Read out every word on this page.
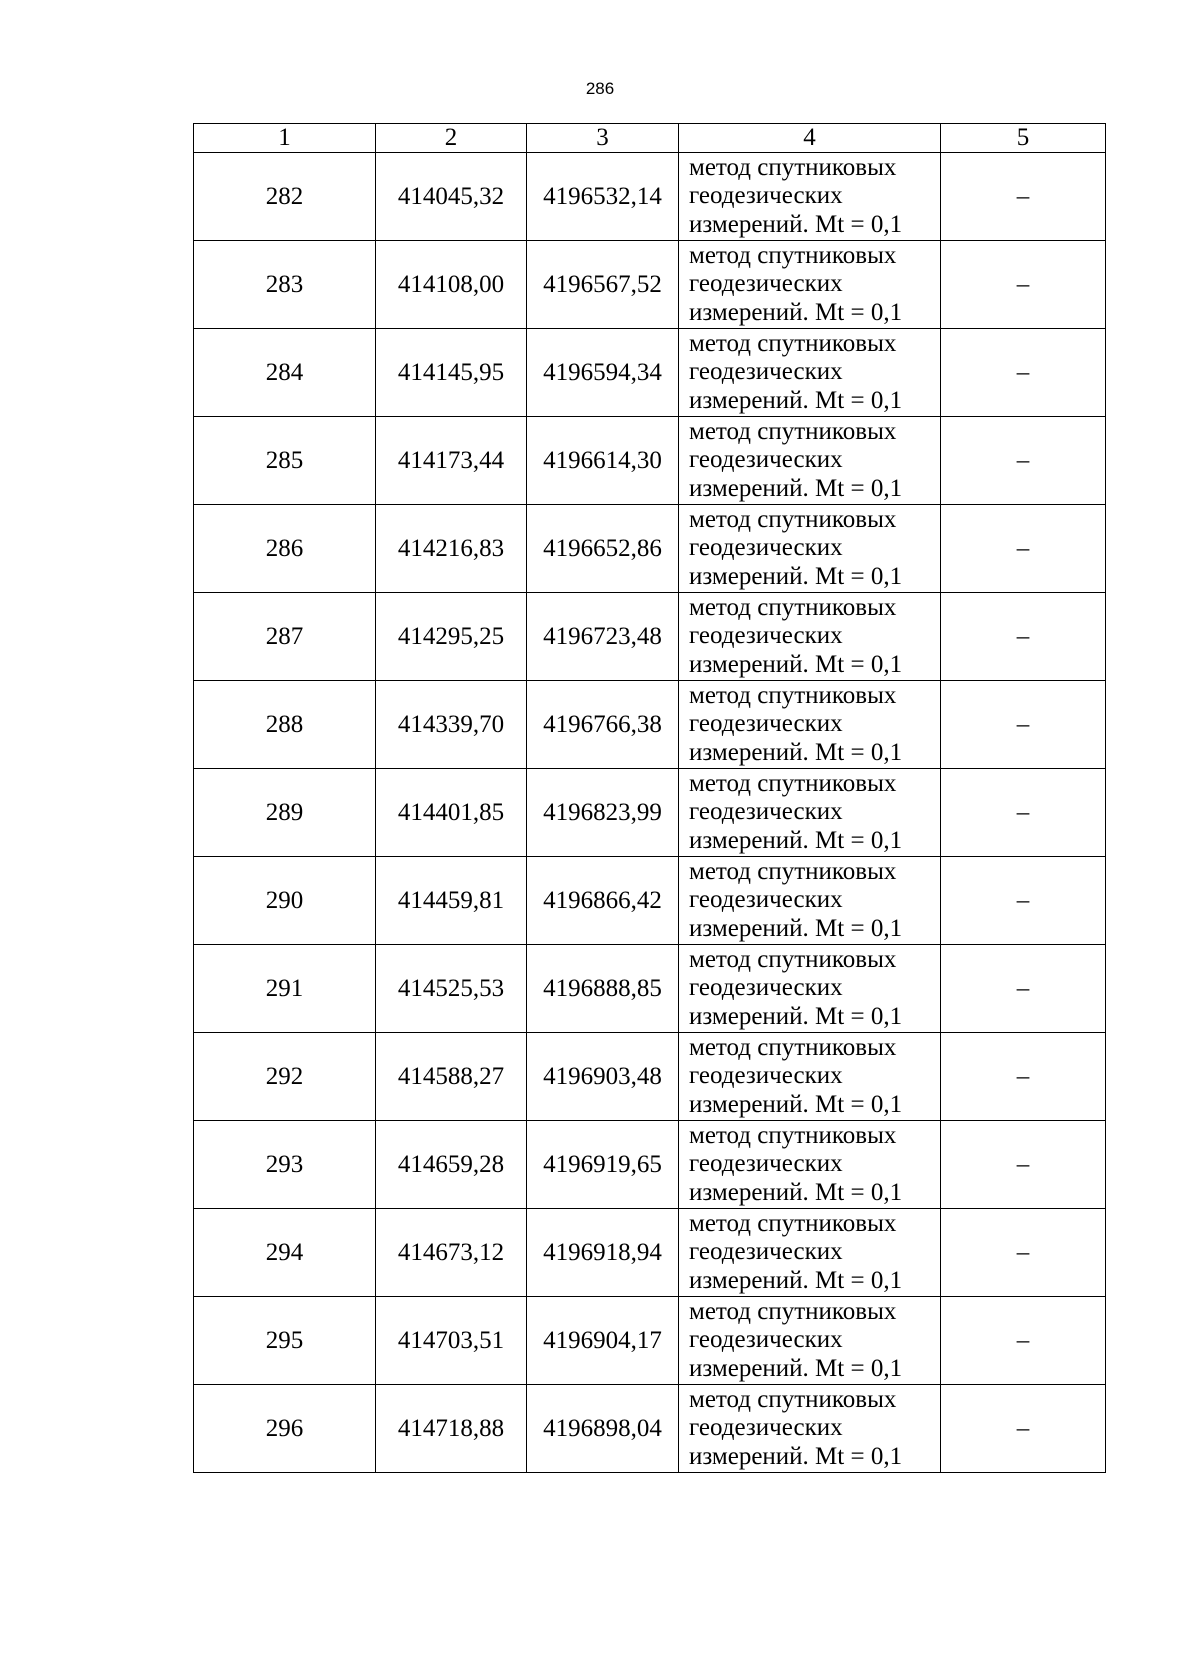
286
1	2	3	4	5
282	414045,32	4196532,14	метод спутниковых
геодезических
измерений. Mt = 0,1	–
283	414108,00	4196567,52	метод спутниковых
геодезических
измерений. Mt = 0,1	–
284	414145,95	4196594,34	метод спутниковых
геодезических
измерений. Mt = 0,1	–
285	414173,44	4196614,30	метод спутниковых
геодезических
измерений. Mt = 0,1	–
286	414216,83	4196652,86	метод спутниковых
геодезических
измерений. Mt = 0,1	–
287	414295,25	4196723,48	метод спутниковых
геодезических
измерений. Mt = 0,1	–
288	414339,70	4196766,38	метод спутниковых
геодезических
измерений. Mt = 0,1	–
289	414401,85	4196823,99	метод спутниковых
геодезических
измерений. Mt = 0,1	–
290	414459,81	4196866,42	метод спутниковых
геодезических
измерений. Mt = 0,1	–
291	414525,53	4196888,85	метод спутниковых
геодезических
измерений. Mt = 0,1	–
292	414588,27	4196903,48	метод спутниковых
геодезических
измерений. Mt = 0,1	–
293	414659,28	4196919,65	метод спутниковых
геодезических
измерений. Mt = 0,1	–
294	414673,12	4196918,94	метод спутниковых
геодезических
измерений. Mt = 0,1	–
295	414703,51	4196904,17	метод спутниковых
геодезических
измерений. Mt = 0,1	–
296	414718,88	4196898,04	метод спутниковых
геодезических
измерений. Mt = 0,1	–
